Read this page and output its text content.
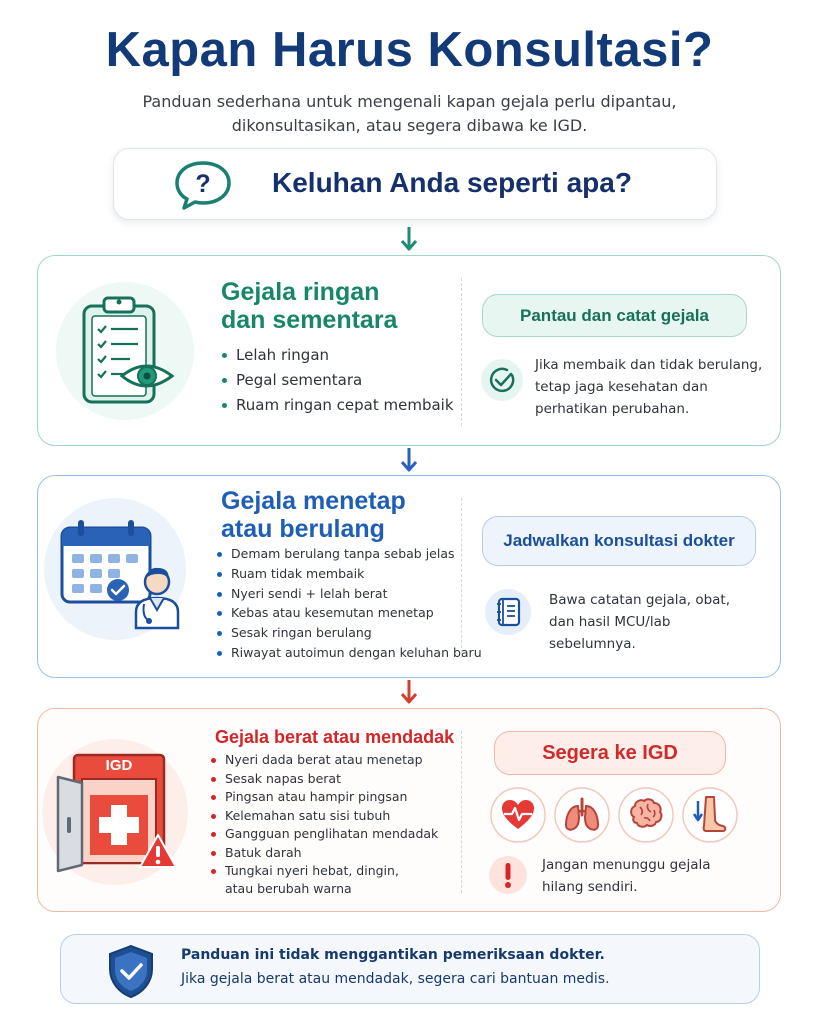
Kapan Harus Konsultasi?
Panduan sederhana untuk mengenali kapan gejala perlu dipantau,
dikonsultasikan, atau segera dibawa ke IGD.
? Keluhan Anda seperti apa?
Gejala ringan
dan sementara
Lelah ringan
Pegal sementara
Ruam ringan cepat membaik
Pantau dan catat gejala
Jika membaik dan tidak berulang,
tetap jaga kesehatan dan
perhatikan perubahan.
Gejala menetap
atau berulang
Demam berulang tanpa sebab jelas
Ruam tidak membaik
Nyeri sendi + lelah berat
Kebas atau kesemutan menetap
Sesak ringan berulang
Riwayat autoimun dengan keluhan baru
Jadwalkan konsultasi dokter
Bawa catatan gejala, obat,
dan hasil MCU/lab
sebelumnya.
IGD
Gejala berat atau mendadak
Nyeri dada berat atau menetap
Sesak napas berat
Pingsan atau hampir pingsan
Kelemahan satu sisi tubuh
Gangguan penglihatan mendadak
Batuk darah
Tungkai nyeri hebat, dingin,
atau berubah warna
Segera ke IGD
Jangan menunggu gejala
hilang sendiri.
Panduan ini tidak menggantikan pemeriksaan dokter.
Jika gejala berat atau mendadak, segera cari bantuan medis.
